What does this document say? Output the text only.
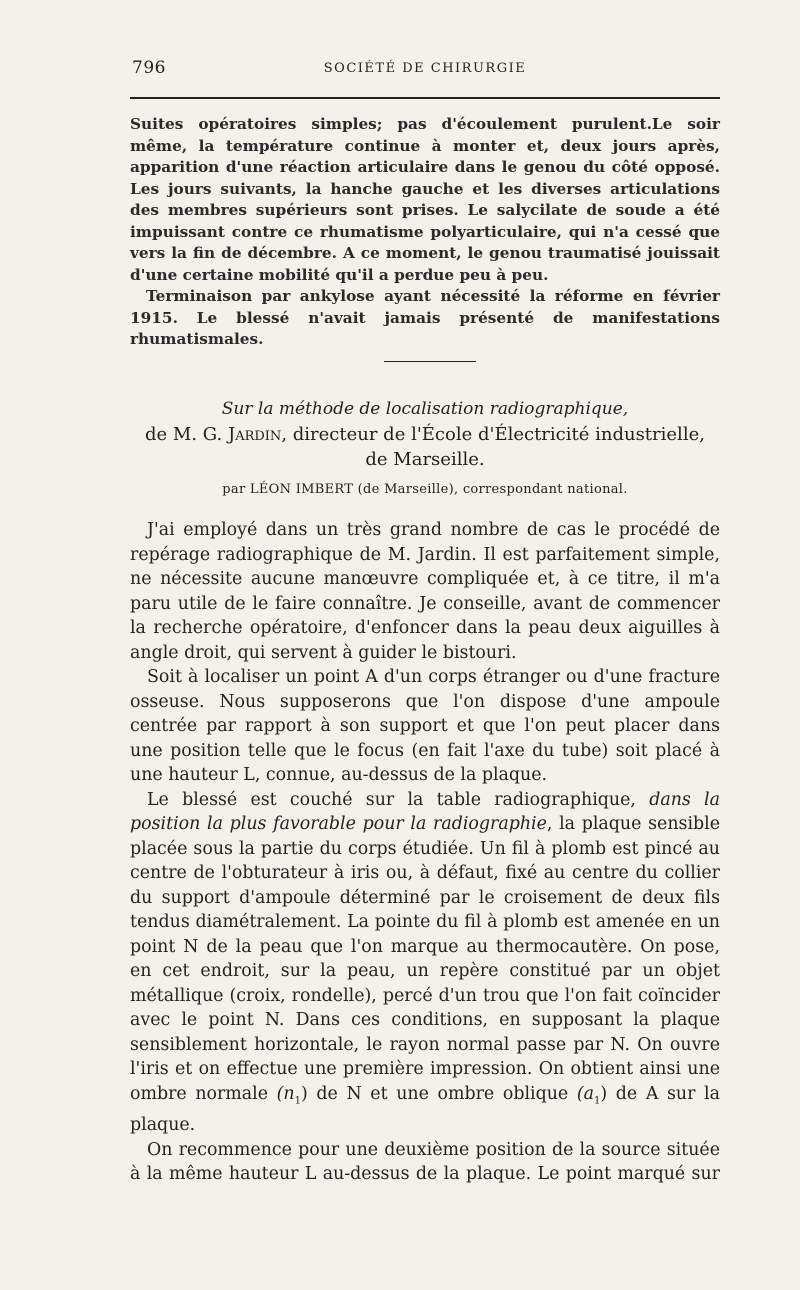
796	SOCIÉTÉ DE CHIRURGIE

Suites opératoires simples; pas d'écoulement purulent.Le soir même, la température continue à monter et, deux jours après, apparition d'une réaction articulaire dans le genou du côté opposé. Les jours suivants, la hanche gauche et les diverses articulations des membres supérieurs sont prises. Le salycilate de soude a été impuissant contre ce rhumatisme polyarticulaire, qui n'a cessé que vers la fin de décembre. A ce moment, le genou traumatisé jouissait d'une certaine mobilité qu'il a perdue peu à peu.

Terminaison par ankylose ayant nécessité la réforme en février 1915. Le blessé n'avait jamais présenté de manifestations rhumatismales.

Sur la méthode de localisation radiographique,
de M. G. Jardin, directeur de l'École d'Électricité industrielle,
de Marseille.
par LÉON IMBERT (de Marseille), correspondant national.

J'ai employé dans un très grand nombre de cas le procédé de repérage radiographique de M. Jardin. Il est parfaitement simple, ne nécessite aucune manœuvre compliquée et, à ce titre, il m'a paru utile de le faire connaître. Je conseille, avant de commencer la recherche opératoire, d'enfoncer dans la peau deux aiguilles à angle droit, qui servent à guider le bistouri.

Soit à localiser un point A d'un corps étranger ou d'une fracture osseuse. Nous supposerons que l'on dispose d'une ampoule centrée par rapport à son support et que l'on peut placer dans une position telle que le focus (en fait l'axe du tube) soit placé à une hauteur L, connue, au-dessus de la plaque.

Le blessé est couché sur la table radiographique, dans la position la plus favorable pour la radiographie, la plaque sensible placée sous la partie du corps étudiée. Un fil à plomb est pincé au centre de l'obturateur à iris ou, à défaut, fixé au centre du collier du support d'ampoule déterminé par le croisement de deux fils tendus diamétralement. La pointe du fil à plomb est amenée en un point N de la peau que l'on marque au thermocautère. On pose, en cet endroit, sur la peau, un repère constitué par un objet métallique (croix, rondelle), percé d'un trou que l'on fait coïncider avec le point N. Dans ces conditions, en supposant la plaque sensiblement horizontale, le rayon normal passe par N. On ouvre l'iris et on effectue une première impression. On obtient ainsi une ombre normale $(n_1)$ de N et une ombre oblique $(a_1)$ de A sur la plaque.

On recommence pour une deuxième position de la source située à la même hauteur L au-dessus de la plaque. Le point marqué sur
